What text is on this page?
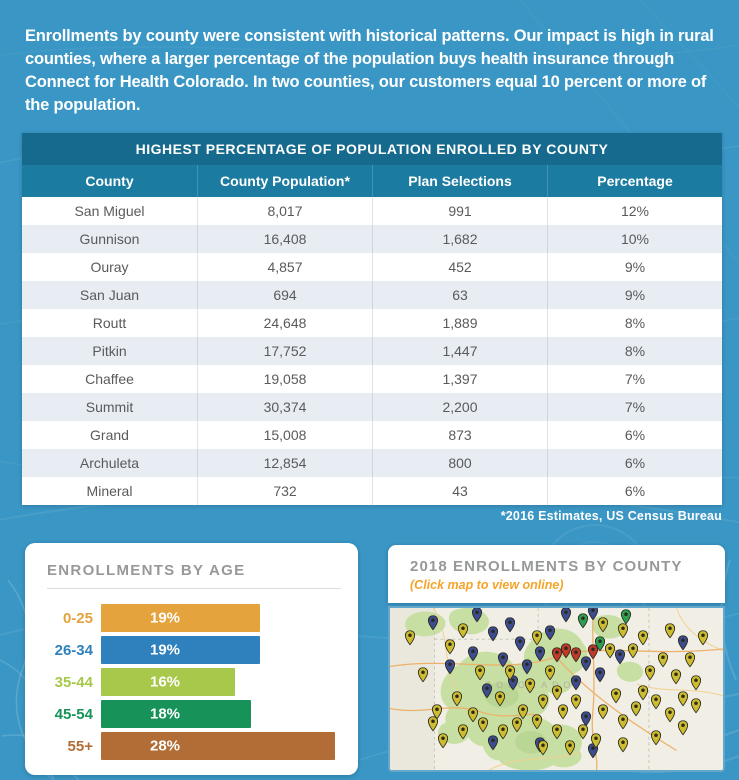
Enrollments by county were consistent with historical patterns. Our impact is high in rural counties, where a larger percentage of the population buys health insurance through Connect for Health Colorado. In two counties, our customers equal 10 percent or more of the population.

HIGHEST PERCENTAGE OF POPULATION ENROLLED BY COUNTY
County	County Population*	Plan Selections	Percentage
San Miguel	8,017	991	12%
Gunnison	16,408	1,682	10%
Ouray	4,857	452	9%
San Juan	694	63	9%
Routt	24,648	1,889	8%
Pitkin	17,752	1,447	8%
Chaffee	19,058	1,397	7%
Summit	30,374	2,200	7%
Grand	15,008	873	6%
Archuleta	12,854	800	6%
Mineral	732	43	6%
*2016 Estimates, US Census Bureau
ENROLLMENTS BY AGE
0-25	19%
26-34	19%
35-44	16%
45-54	18%
55+	28%
2018 ENROLLMENTS BY COUNTY
(Click map to view online)
